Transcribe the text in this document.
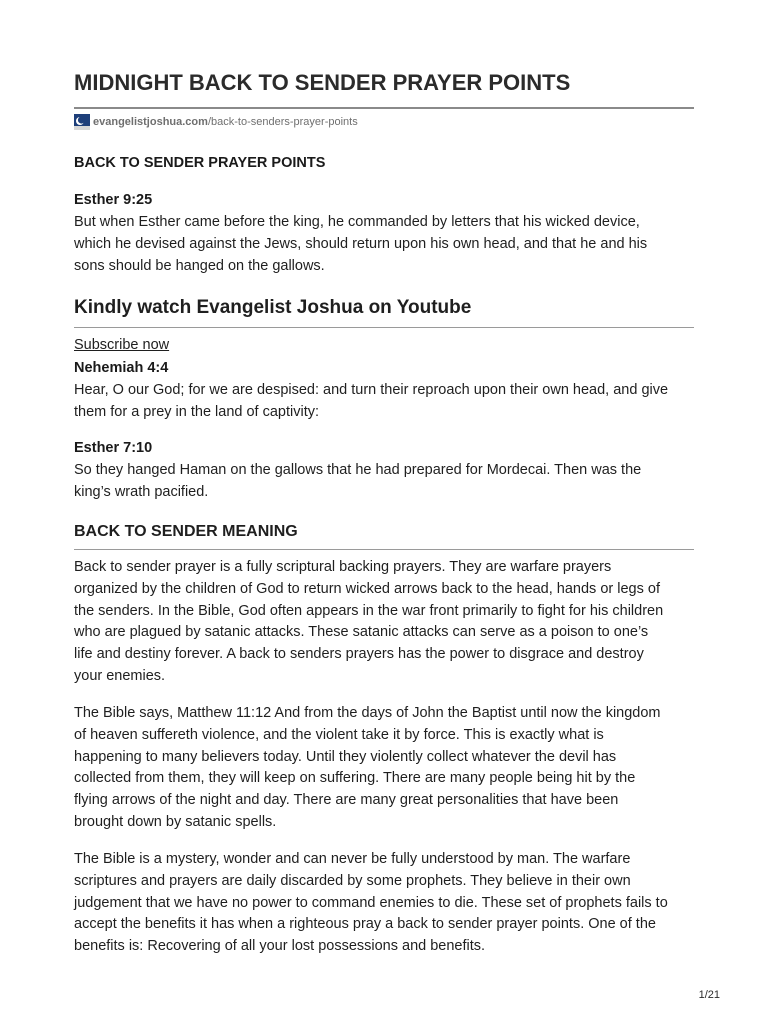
MIDNIGHT BACK TO SENDER PRAYER POINTS
evangelistjoshua.com /back-to-senders-prayer-points
BACK TO SENDER PRAYER POINTS
Esther 9:25
But when Esther came before the king, he commanded by letters that his wicked device,
which he devised against the Jews, should return upon his own head, and that he and his
sons should be hanged on the gallows.
Kindly watch Evangelist Joshua on Youtube
Subscribe now
Nehemiah 4:4
Hear, O our God; for we are despised: and turn their reproach upon their own head, and give
them for a prey in the land of captivity:
Esther 7:10
So they hanged Haman on the gallows that he had prepared for Mordecai. Then was the
king’s wrath pacified.
BACK TO SENDER MEANING
Back to sender prayer is a fully scriptural backing prayers. They are warfare prayers
organized by the children of God to return wicked arrows back to the head, hands or legs of
the senders. In the Bible, God often appears in the war front primarily to fight for his children
who are plagued by satanic attacks. These satanic attacks can serve as a poison to one’s
life and destiny forever. A back to senders prayers has the power to disgrace and destroy
your enemies.
The Bible says, Matthew 11:12 And from the days of John the Baptist until now the kingdom
of heaven suffereth violence, and the violent take it by force. This is exactly what is
happening to many believers today. Until they violently collect whatever the devil has
collected from them, they will keep on suffering. There are many people being hit by the
flying arrows of the night and day. There are many great personalities that have been
brought down by satanic spells.
The Bible is a mystery, wonder and can never be fully understood by man. The warfare
scriptures and prayers are daily discarded by some prophets. They believe in their own
judgement that we have no power to command enemies to die. These set of prophets fails to
accept the benefits it has when a righteous pray a back to sender prayer points. One of the
benefits is: Recovering of all your lost possessions and benefits.
1/21
